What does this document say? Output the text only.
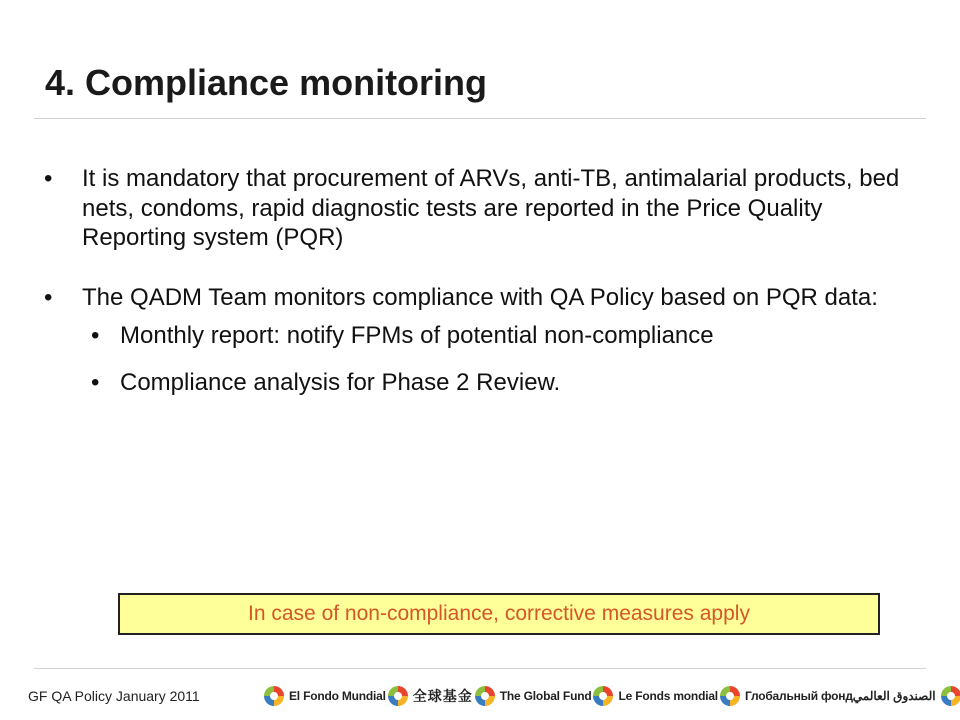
4. Compliance monitoring
• It is mandatory that procurement of ARVs, anti-TB, antimalarial products, bed nets, condoms, rapid diagnostic tests are reported in the Price Quality Reporting system (PQR)
• The QADM Team monitors compliance with QA Policy based on PQR data:
• Monthly report: notify FPMs of potential non-compliance
• Compliance analysis for Phase 2 Review.
In case of non-compliance, corrective measures apply
GF QA Policy January 2011	El Fondo Mundial 全球基金 The Global Fund Le Fonds mondial Глобальный фонд الصندوق العالمي
